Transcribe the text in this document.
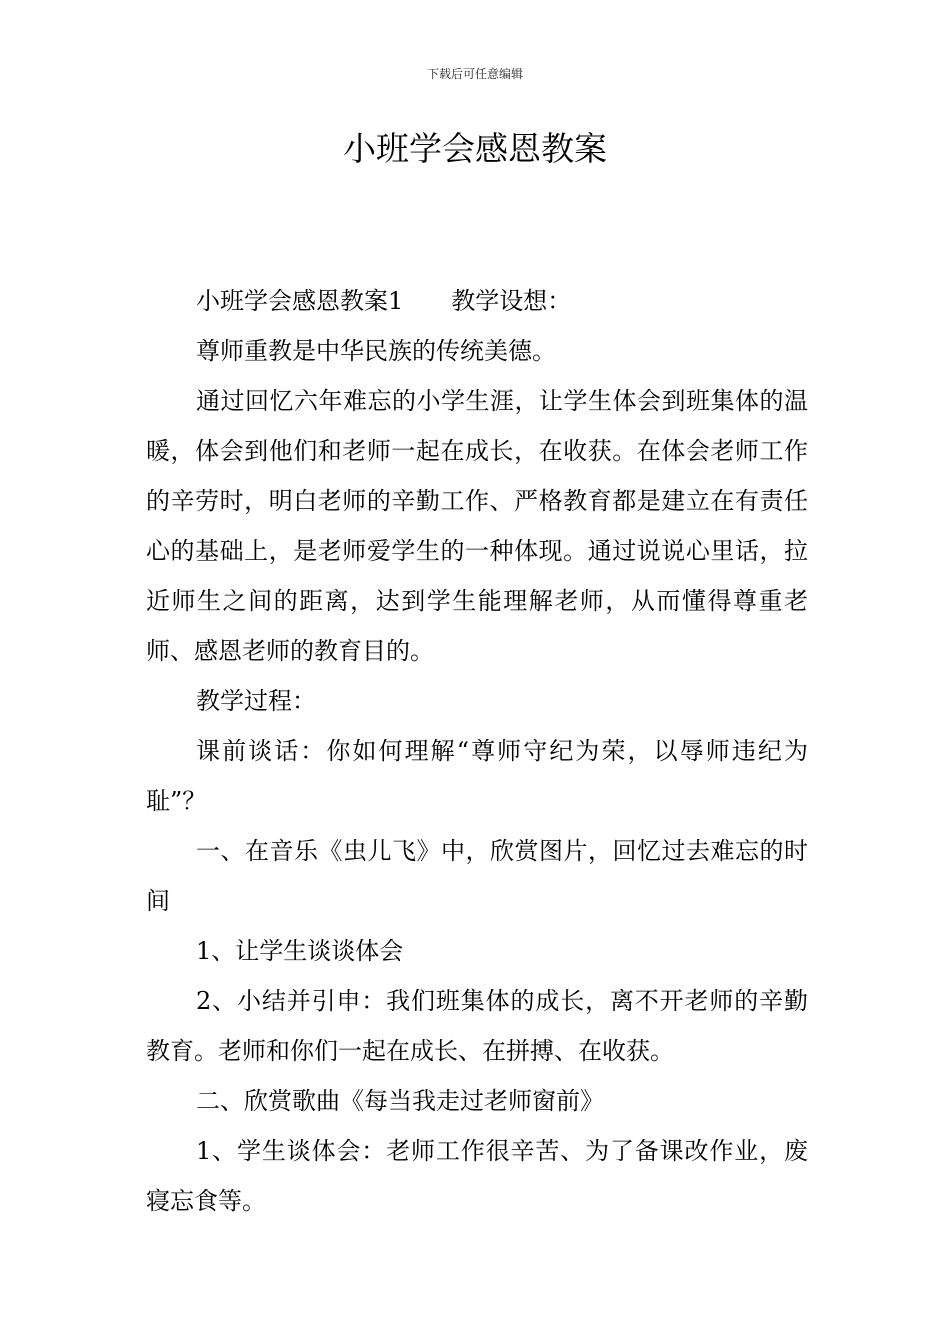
下载后可任意编辑
小班学会感恩教案

小班学会感恩教案1　　教学设想：

尊师重教是中华民族的传统美德。

通过回忆六年难忘的小学生涯，让学生体会到班集体的温暖，体会到他们和老师一起在成长，在收获。在体会老师工作的辛劳时，明白老师的辛勤工作、严格教育都是建立在有责任心的基础上，是老师爱学生的一种体现。通过说说心里话，拉近师生之间的距离，达到学生能理解老师，从而懂得尊重老师、感恩老师的教育目的。

教学过程：

课前谈话：你如何理解“尊师守纪为荣，以辱师违纪为耻”？

一、在音乐《虫儿飞》中，欣赏图片，回忆过去难忘的时间

1、让学生谈谈体会

2、小结并引申：我们班集体的成长，离不开老师的辛勤教育。老师和你们一起在成长、在拼搏、在收获。

二、欣赏歌曲《每当我走过老师窗前》

1、学生谈体会：老师工作很辛苦、为了备课改作业，废寝忘食等。
